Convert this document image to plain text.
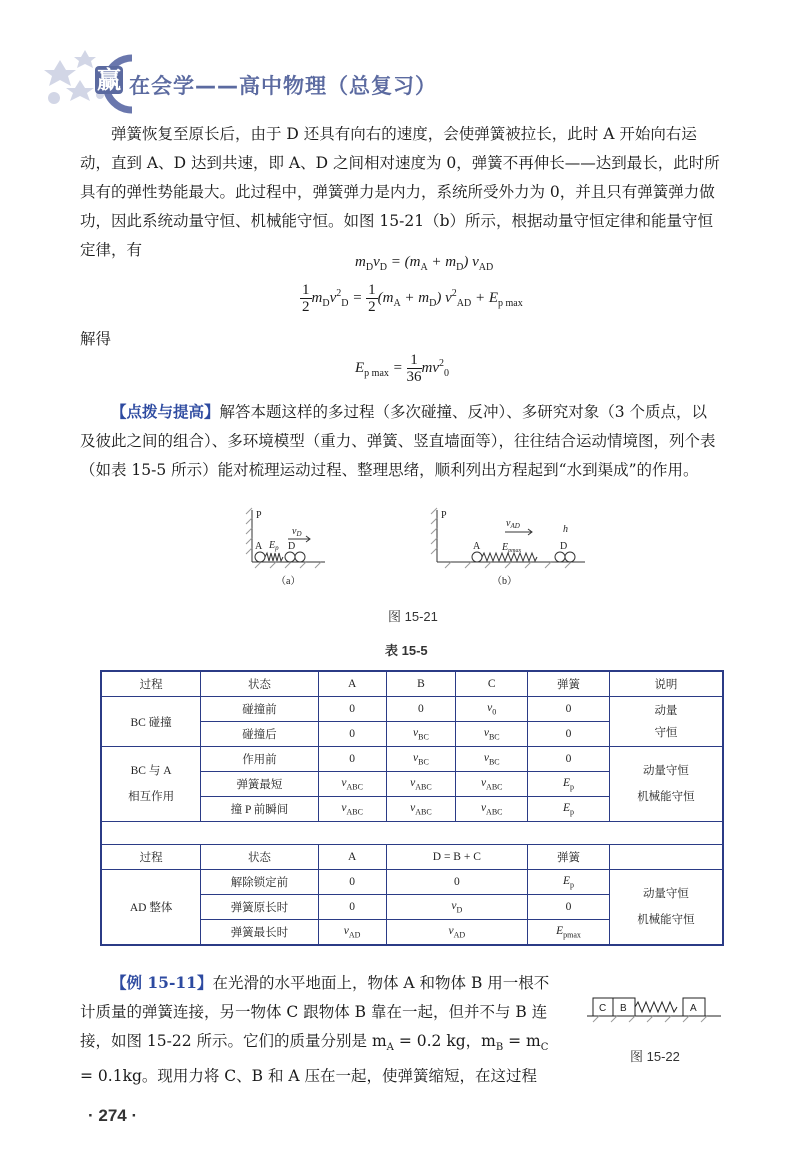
赢 在会学——高中物理（总复习）
弹簧恢复至原长后，由于 D 还具有向右的速度，会使弹簧被拉长，此时 A 开始向右运动，直到 A、D 达到共速，即 A、D 之间相对速度为 0，弹簧不再伸长——达到最长，此时所具有的弹性势能最大。此过程中，弹簧弹力是内力，系统所受外力为 0，并且只有弹簧弹力做功，因此系统动量守恒、机械能守恒。如图 15-21（b）所示，根据动量守恒定律和能量守恒定律，有
$m_Dv_D = (m_A + m_D)$ $v_{AD}$
$\frac{1}{2} m_Dv^2_D = \frac{1}{2} (m_A + m_D) v^2_{AD} + E_{p max}$
解得
$E_{p max} = \frac{1}{36} mv^2_0$
【点拨与提高】解答本题这样的多过程（多次碰撞、反冲）、多研究对象（3 个质点，以及彼此之间的组合）、多环境模型（重力、弹簧、竖直墙面等），往往结合运动情境图，列个表（如表 15-5 所示）能对梳理运动过程、整理思绪，顺利列出方程起到“水到渠成”的作用。
P
A $E_p$ D
$v_D$
（a）
P
A $E_{pmax}$	D
$v_{AD}$	h
（b）
图 15-21
表 15-5
过程	状态	A	B	C	弹簧	说明
BC 碰撞	碰撞前	0	0	$v_0$	0	动量
守恒
	碰撞后	0	$v_{BC}$	$v_{BC}$	0	
BC 与 A
相互作用	作用前	0	$v_{BC}$	$v_{BC}$	0	动量守恒
机械能守恒
	弹簧最短	$v_{ABC}$	$v_{ABC}$	$v_{ABC}$	$E_p$
	撞 P 前瞬间	$v_{ABC}$	$v_{ABC}$	$v_{ABC}$	$E_p$

过程	状态	A	D = B + C		弹簧	
AD 整体	解除锁定前	0	0		$E_p$	动量守恒
机械能守恒
	弹簧原长时	0	$v_D$		0	
	弹簧最长时	$v_{AD}$	$v_{AD}$		$E_{pmax}$
【例 15-11】在光滑的水平地面上，物体 A 和物体 B 用一根不计质量的弹簧连接，另一物体 C 跟物体 B 靠在一起，但并不与 B 连接，如图 15-22 所示。它们的质量分别是 $m_A = 0.2$ kg，$m_B = m_C = 0.1kg$。现用力将 C、B 和 A 压在一起，使弹簧缩短，在这过程
C B	A
图 15-22
· 274 ·
